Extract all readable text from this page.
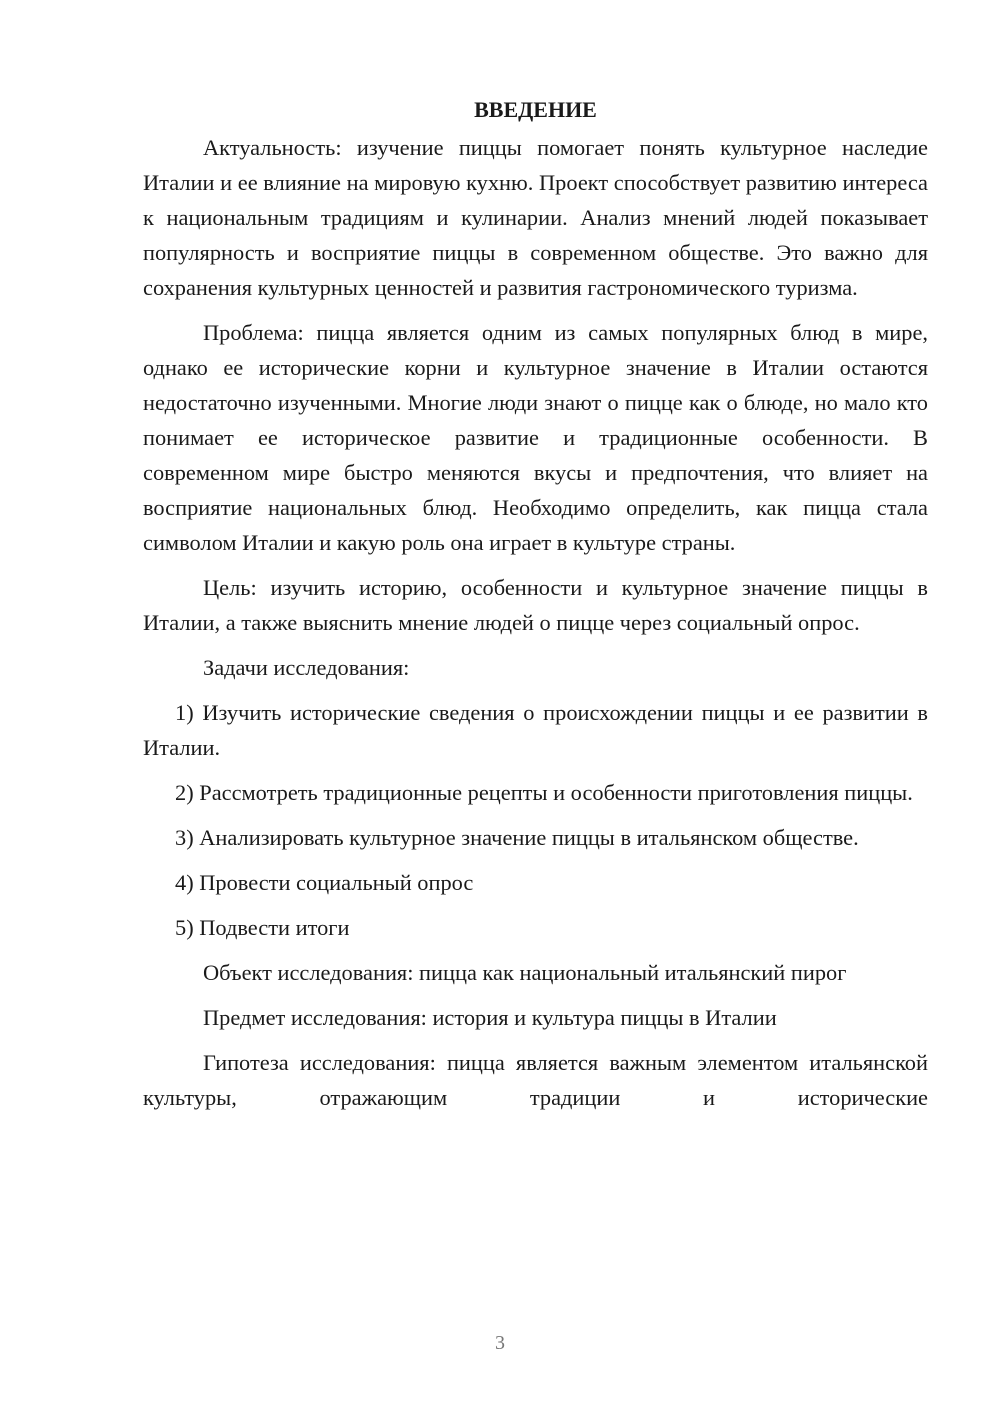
ВВЕДЕНИЕ

Актуальность: изучение пиццы помогает понять культурное наследие Италии и ее влияние на мировую кухню. Проект способствует развитию интереса к национальным традициям и кулинарии. Анализ мнений людей показывает популярность и восприятие пиццы в современном обществе. Это важно для сохранения культурных ценностей и развития гастрономического туризма.

Проблема: пицца является одним из самых популярных блюд в мире, однако ее исторические корни и культурное значение в Италии остаются недостаточно изученными. Многие люди знают о пицце как о блюде, но мало кто понимает ее историческое развитие и традиционные особенности. В современном мире быстро меняются вкусы и предпочтения, что влияет на восприятие национальных блюд. Необходимо определить, как пицца стала символом Италии и какую роль она играет в культуре страны.

Цель: изучить историю, особенности и культурное значение пиццы в Италии, а также выяснить мнение людей о пицце через социальный опрос.

Задачи исследования:

1) Изучить исторические сведения о происхождении пиццы и ее развитии в Италии.

2) Рассмотреть традиционные рецепты и особенности приготовления пиццы.

3) Анализировать культурное значение пиццы в итальянском обществе.

4) Провести социальный опрос

5) Подвести итоги

Объект исследования: пицца как национальный итальянский пирог

Предмет исследования: история и культура пиццы в Италии

Гипотеза исследования: пицца является важным элементом итальянской культуры, отражающим традиции и исторические

3
